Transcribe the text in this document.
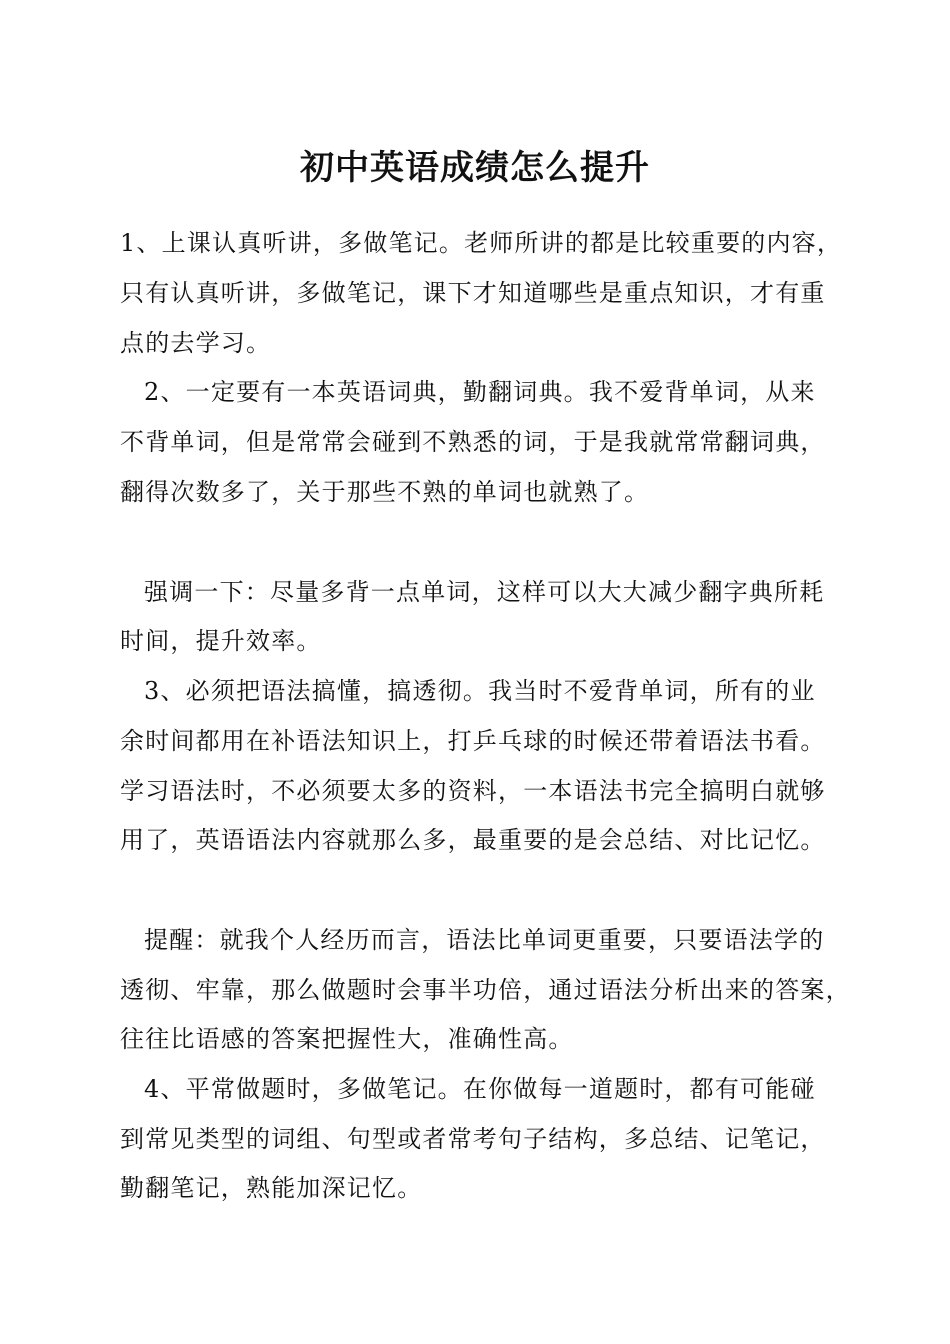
初中英语成绩怎么提升
1、上课认真听讲，多做笔记。老师所讲的都是比较重要的内容，
只有认真听讲，多做笔记，课下才知道哪些是重点知识，才有重
点的去学习。
2、一定要有一本英语词典，勤翻词典。我不爱背单词，从来
不背单词，但是常常会碰到不熟悉的词，于是我就常常翻词典，
翻得次数多了，关于那些不熟的单词也就熟了。
强调一下：尽量多背一点单词，这样可以大大减少翻字典所耗
时间，提升效率。
3、必须把语法搞懂，搞透彻。我当时不爱背单词，所有的业
余时间都用在补语法知识上，打乒乓球的时候还带着语法书看。
学习语法时，不必须要太多的资料，一本语法书完全搞明白就够
用了，英语语法内容就那么多，最重要的是会总结、对比记忆。
提醒：就我个人经历而言，语法比单词更重要，只要语法学的
透彻、牢靠，那么做题时会事半功倍，通过语法分析出来的答案，
往往比语感的答案把握性大，准确性高。
4、平常做题时，多做笔记。在你做每一道题时，都有可能碰
到常见类型的词组、句型或者常考句子结构，多总结、记笔记，
勤翻笔记，熟能加深记忆。
